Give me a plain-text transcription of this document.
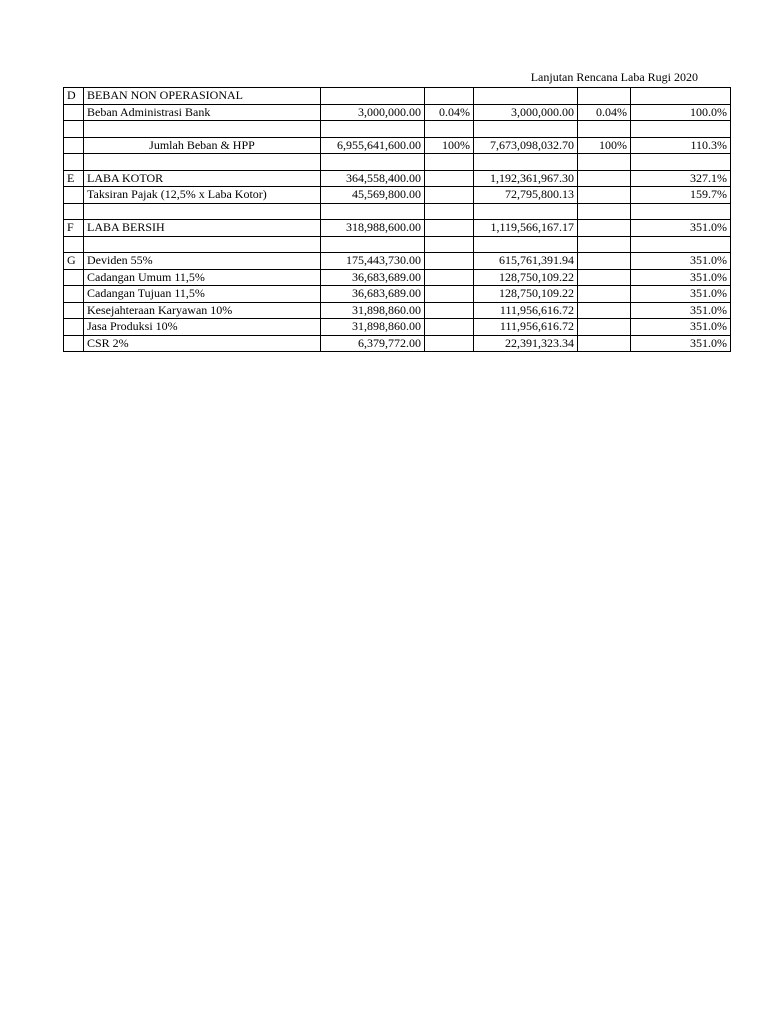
Lanjutan Rencana Laba Rugi 2020
D	BEBAN NON OPERASIONAL					
	Beban Administrasi Bank	3,000,000.00	0.04%	3,000,000.00	0.04%	100.0%

	Jumlah Beban & HPP	6,955,641,600.00	100%	7,673,098,032.70	100%	110.3%

E	LABA KOTOR	364,558,400.00		1,192,361,967.30		327.1%
	Taksiran Pajak (12,5% x Laba Kotor)	45,569,800.00		72,795,800.13		159.7%

F	LABA BERSIH	318,988,600.00		1,119,566,167.17		351.0%

G	Deviden 55%	175,443,730.00		615,761,391.94		351.0%
	Cadangan Umum 11,5%	36,683,689.00		128,750,109.22		351.0%
	Cadangan Tujuan 11,5%	36,683,689.00		128,750,109.22		351.0%
	Kesejahteraan Karyawan 10%	31,898,860.00		111,956,616.72		351.0%
	Jasa Produksi 10%	31,898,860.00		111,956,616.72		351.0%
	CSR 2%	6,379,772.00		22,391,323.34		351.0%
